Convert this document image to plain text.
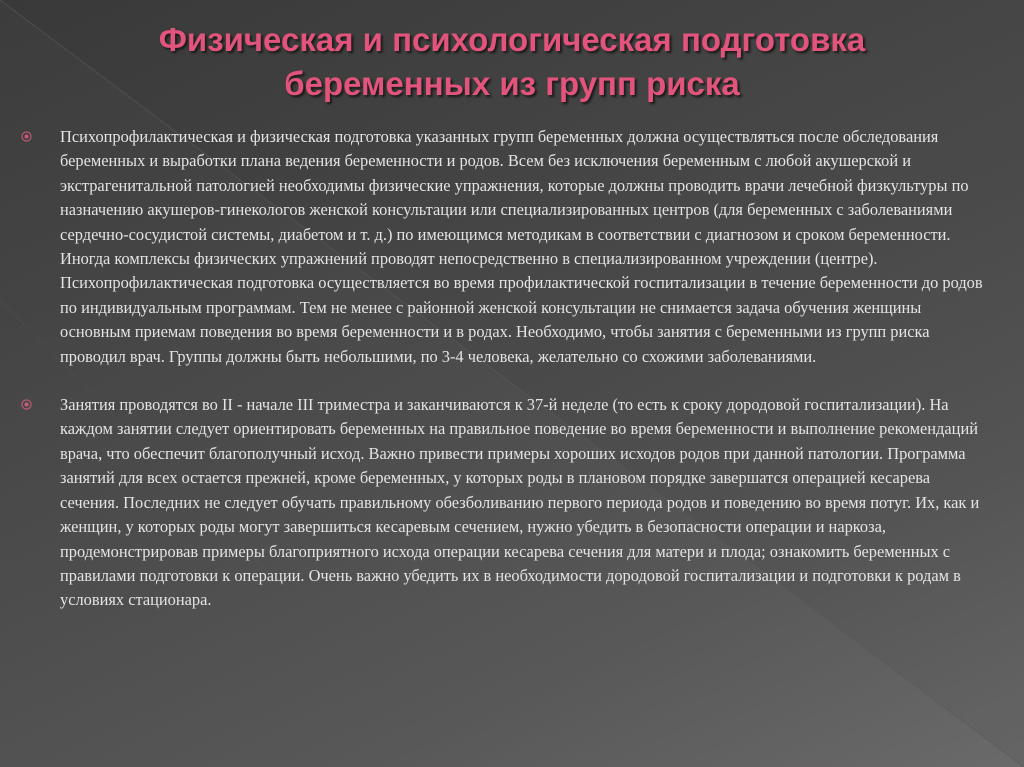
Физическая и психологическая подготовка
беременных из групп риска
Психопрофилактическая и физическая подготовка указанных групп беременных должна осуществляться после обследования беременных и выработки плана ведения беременности и родов. Всем без исключения беременным с любой акушерской и экстрагенитальной патологией необходимы физические упражнения, которые должны проводить врачи лечебной физкультуры по назначению акушеров-гинекологов женской консультации или специализированных центров (для беременных с заболеваниями сердечно-сосудистой системы, диабетом и т. д.) по имеющимся методикам в соответствии с диагнозом и сроком беременности. Иногда комплексы физических упражнений проводят непосредственно в специализированном учреждении (центре). Психопрофилактическая подготовка осуществляется во время профилактической госпитализации в течение беременности до родов по индивидуальным программам. Тем не менее с районной женской консультации не снимается задача обучения женщины основным приемам поведения во время беременности и в родах. Необходимо, чтобы занятия с беременными из групп риска проводил врач. Группы должны быть небольшими, по 3-4 человека, желательно со схожими заболеваниями.
Занятия проводятся во II - начале III триместра и заканчиваются к 37-й неделе (то есть к сроку дородовой госпитализации). На каждом занятии следует ориентировать беременных на правильное поведение во время беременности и выполнение рекомендаций врача, что обеспечит благополучный исход. Важно привести примеры хороших исходов родов при данной патологии. Программа занятий для всех остается прежней, кроме беременных, у которых роды в плановом порядке завершатся операцией кесарева сечения. Последних не следует обучать правильному обезболиванию первого периода родов и поведению во время потуг. Их, как и женщин, у которых роды могут завершиться кесаревым сечением, нужно убедить в безопасности операции и наркоза, продемонстрировав примеры благоприятного исхода операции кесарева сечения для матери и плода; ознакомить беременных с правилами подготовки к операции. Очень важно убедить их в необходимости дородовой госпитализации и подготовки к родам в условиях стационара.
